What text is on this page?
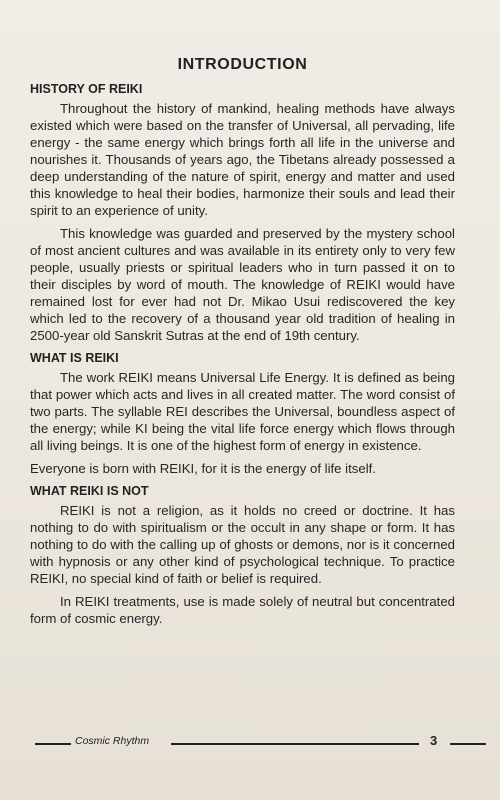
INTRODUCTION
HISTORY OF REIKI

Throughout the history of mankind, healing methods have always existed which were based on the transfer of Universal, all pervading, life energy - the same energy which brings forth all life in the universe and nourishes it. Thousands of years ago, the Tibetans already possessed a deep understanding of the nature of spirit, energy and matter and used this knowledge to heal their bodies, harmonize their souls and lead their spirit to an experience of unity.

This knowledge was guarded and preserved by the mystery school of most ancient cultures and was available in its entirety only to very few people, usually priests or spiritual leaders who in turn passed it on to their disciples by word of mouth. The knowledge of REIKI would have remained lost for ever had not Dr. Mikao Usui rediscovered the key which led to the recovery of a thousand year old tradition of healing in 2500-year old Sanskrit Sutras at the end of 19th century.

WHAT IS REIKI

The work REIKI means Universal Life Energy. It is defined as being that power which acts and lives in all created matter. The word consist of two parts. The syllable REI describes the Universal, boundless aspect of the energy; while KI being the vital life force energy which flows through all living beings. It is one of the highest form of energy in existence.

Everyone is born with REIKI, for it is the energy of life itself.

WHAT REIKI IS NOT

REIKI is not a religion, as it holds no creed or doctrine. It has nothing to do with spiritualism or the occult in any shape or form. It has nothing to do with the calling up of ghosts or demons, nor is it concerned with hypnosis or any other kind of psychological technique. To practice REIKI, no special kind of faith or belief is required.

In REIKI treatments, use is made solely of neutral but concentrated form of cosmic energy.

Cosmic Rhythm	3
